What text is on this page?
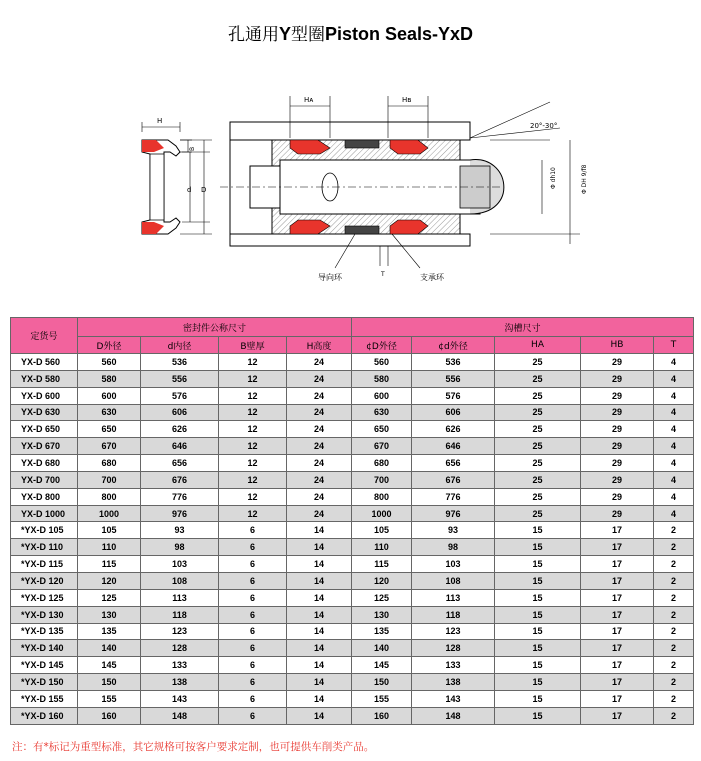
孔通用Y型圈Piston Seals-YxD
H
B
d D
Hᴀ	Hʙ
20°-30°
Φ dh10	Φ DH 9/f8
导向环	支承环
T
定货号	密封件公称尺寸				沟槽尺寸				
	D外径	d内径	B壁厚	H高度	¢D外径	¢d外径	HA	HB	T
YX-D 560	560	536	12	24	560	536	25	29	4
YX-D 580	580	556	12	24	580	556	25	29	4
YX-D 600	600	576	12	24	600	576	25	29	4
YX-D 630	630	606	12	24	630	606	25	29	4
YX-D 650	650	626	12	24	650	626	25	29	4
YX-D 670	670	646	12	24	670	646	25	29	4
YX-D 680	680	656	12	24	680	656	25	29	4
YX-D 700	700	676	12	24	700	676	25	29	4
YX-D 800	800	776	12	24	800	776	25	29	4
YX-D 1000	1000	976	12	24	1000	976	25	29	4
*YX-D 105	105	93	6	14	105	93	15	17	2
*YX-D 110	110	98	6	14	110	98	15	17	2
*YX-D 115	115	103	6	14	115	103	15	17	2
*YX-D 120	120	108	6	14	120	108	15	17	2
*YX-D 125	125	113	6	14	125	113	15	17	2
*YX-D 130	130	118	6	14	130	118	15	17	2
*YX-D 135	135	123	6	14	135	123	15	17	2
*YX-D 140	140	128	6	14	140	128	15	17	2
*YX-D 145	145	133	6	14	145	133	15	17	2
*YX-D 150	150	138	6	14	150	138	15	17	2
*YX-D 155	155	143	6	14	155	143	15	17	2
*YX-D 160	160	148	6	14	160	148	15	17	2
注：有*标记为重型标准，其它规格可按客户要求定制，也可提供车削类产品。
